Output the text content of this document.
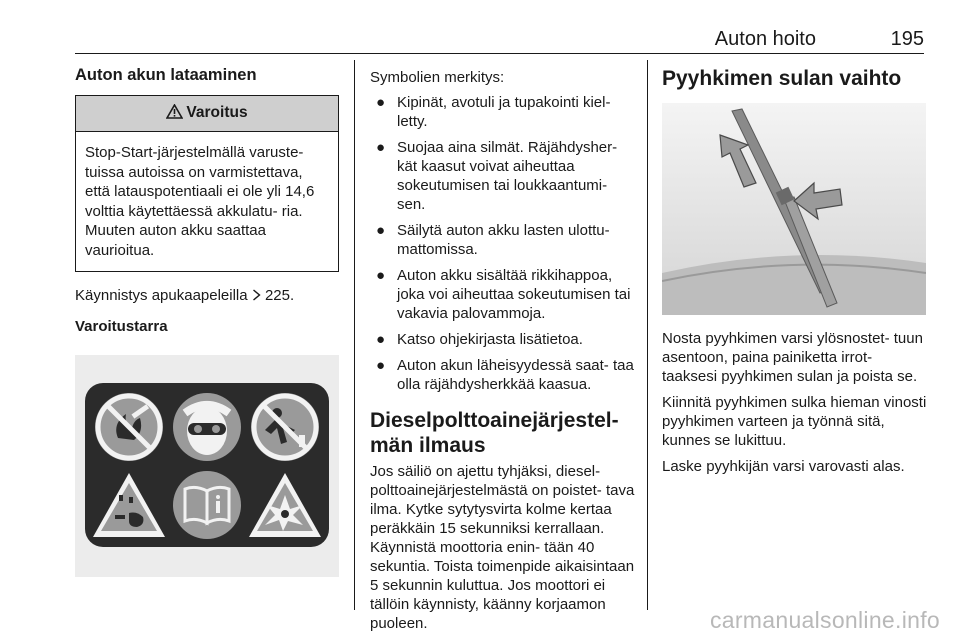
Auton hoito	195
Auton akun lataaminen
Varoitus
Stop-Start-järjestelmällä varuste- tuissa autoissa on varmistettava, että latauspotentiaali ei ole yli 14,6 volttia käytettäessä akkulatu- ria. Muuten auton akku saattaa vaurioitua.

Käynnistys apukaapeleilla 225.

Varoitustarra

Symbolien merkitys:

● Kipinät, avotuli ja tupakointi kiel- letty.
● Suojaa aina silmät. Räjähdysher- kät kaasut voivat aiheuttaa sokeutumisen tai loukkaantumi- sen.
● Säilytä auton akku lasten ulottu- mattomissa.
● Auton akku sisältää rikkihappoa, joka voi aiheuttaa sokeutumisen tai vakavia palovammoja.
● Katso ohjekirjasta lisätietoa.
● Auton akun läheisyydessä saat- taa olla räjähdysherkkää kaasua.
Dieselpolttoainejärjestel- män ilmaus

Jos säiliö on ajettu tyhjäksi, diesel- polttoainejärjestelmästä on poistet- tava ilma. Kytke sytytysvirta kolme kertaa peräkkäin 15 sekunniksi kerrallaan. Käynnistä moottoria enin- tään 40 sekuntia. Toista toimenpide aikaisintaan 5 sekunnin kuluttua. Jos moottori ei tällöin käynnisty, käänny korjaamon puoleen.

Pyyhkimen sulan vaihto

Nosta pyyhkimen varsi ylösnostet- tuun asentoon, paina painiketta irrot- taaksesi pyyhkimen sulan ja poista se.

Kiinnitä pyyhkimen sulka hieman vinosti pyyhkimen varteen ja työnnä sitä, kunnes se lukittuu.

Laske pyyhkijän varsi varovasti alas.

carmanualsonline.info
